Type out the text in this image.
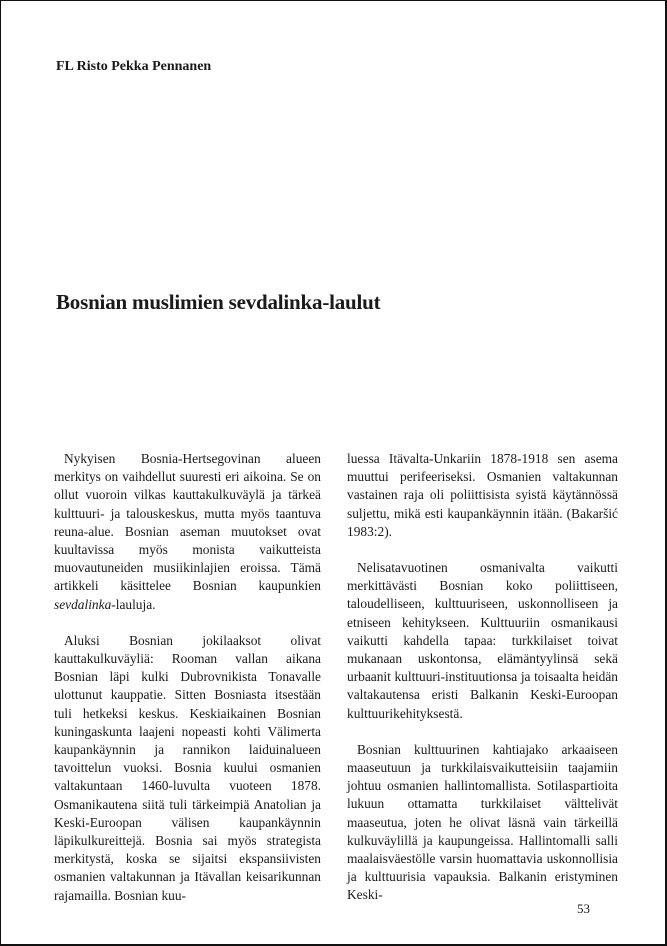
FL Risto Pekka Pennanen

Bosnian muslimien sevdalinka-laulut

Nykyisen Bosnia-Hertsegovinan alueen merkitys on vaihdellut suuresti eri aikoina. Se on ollut vuoroin vilkas kauttakulkuväylä ja tärkeä kulttuuri- ja talouskeskus, mutta myös taantuva reuna-alue. Bosnian aseman muutokset ovat kuultavissa myös monista vaikutteista muovautuneiden musiikinlajien eroissa. Tämä artikkeli käsittelee Bosnian kaupunkien sevdalinka-lauluja.

Aluksi Bosnian jokilaaksot olivat kauttakulkuväyliä: Rooman vallan aikana Bosnian läpi kulki Dubrovnikista Tonavalle ulottunut kauppatie. Sitten Bosniasta itsestään tuli hetkeksi keskus. Keskiaikainen Bosnian kuningaskunta laajeni nopeasti kohti Välimerta kaupankäynnin ja rannikon laiduinalueen tavoittelun vuoksi. Bosnia kuului osmanien valtakuntaan 1460-luvulta vuoteen 1878. Osmanikautena siitä tuli tärkeimpiä Anatolian ja Keski-Euroopan välisen kaupankäynnin läpikulkureittejä. Bosnia sai myös strategista merkitystä, koska se sijaitsi ekspansiivisten osmanien valtakunnan ja Itävallan keisarikunnan rajamailla. Bosnian kuu-

luessa Itävalta-Unkariin 1878-1918 sen asema muuttui perifeeriseksi. Osmanien valtakunnan vastainen raja oli poliittisista syistä käytännössä suljettu, mikä esti kaupankäynnin itään. (Bakaršić 1983:2).

Nelisatavuotinen osmanivalta vaikutti merkittävästi Bosnian koko poliittiseen, taloudelliseen, kulttuuriseen, uskonnolliseen ja etniseen kehitykseen. Kulttuuriin osmanikausi vaikutti kahdella tapaa: turkkilaiset toivat mukanaan uskontonsa, elämäntyylinsä sekä urbaanit kulttuuri-instituutionsa ja toisaalta heidän valtakautensa eristi Balkanin Keski-Euroopan kulttuurikehityksestä.

Bosnian kulttuurinen kahtiajako arkaaiseen maaseutuun ja turkkilaisvaikutteisiin taajamiin johtuu osmanien hallintomallista. Sotilaspartioita lukuun ottamatta turkkilaiset välttelivät maaseutua, joten he olivat läsnä vain tärkeillä kulkuväylillä ja kaupungeissa. Hallintomalli salli maalaisväestölle varsin huomattavia uskonnollisia ja kulttuurisia vapauksia. Balkanin eristyminen Keski-

53
